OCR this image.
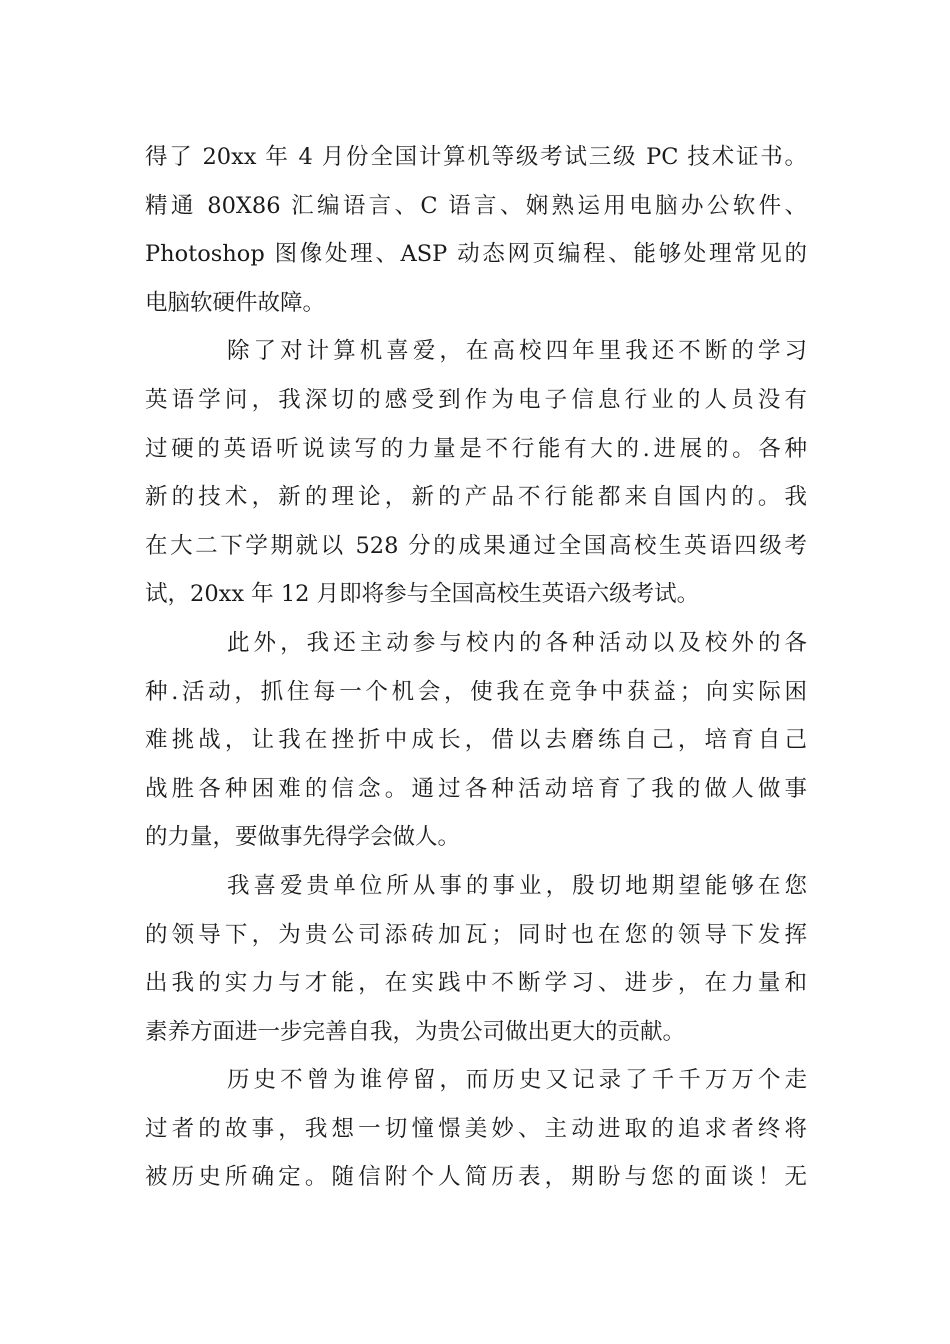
得了 20xx 年 4 月份全国计算机等级考试三级 PC 技术证书。
精通 80X86 汇编语言、C 语言、娴熟运用电脑办公软件、
Photoshop 图像处理、ASP 动态网页编程、能够处理常见的
电脑软硬件故障。
除了对计算机喜爱，在高校四年里我还不断的学习
英语学问，我深切的感受到作为电子信息行业的人员没有
过硬的英语听说读写的力量是不行能有大的.进展的。各种
新的技术，新的理论，新的产品不行能都来自国内的。我
在大二下学期就以 528 分的成果通过全国高校生英语四级考
试，20xx 年 12 月即将参与全国高校生英语六级考试。
此外，我还主动参与校内的各种活动以及校外的各
种.活动，抓住每一个机会，使我在竞争中获益；向实际困
难挑战，让我在挫折中成长，借以去磨练自己，培育自己
战胜各种困难的信念。通过各种活动培育了我的做人做事
的力量，要做事先得学会做人。
我喜爱贵单位所从事的事业，殷切地期望能够在您
的领导下，为贵公司添砖加瓦；同时也在您的领导下发挥
出我的实力与才能，在实践中不断学习、进步，在力量和
素养方面进一步完善自我，为贵公司做出更大的贡献。
历史不曾为谁停留，而历史又记录了千千万万个走
过者的故事，我想一切憧憬美妙、主动进取的追求者终将
被历史所确定。随信附个人简历表，期盼与您的面谈！无
